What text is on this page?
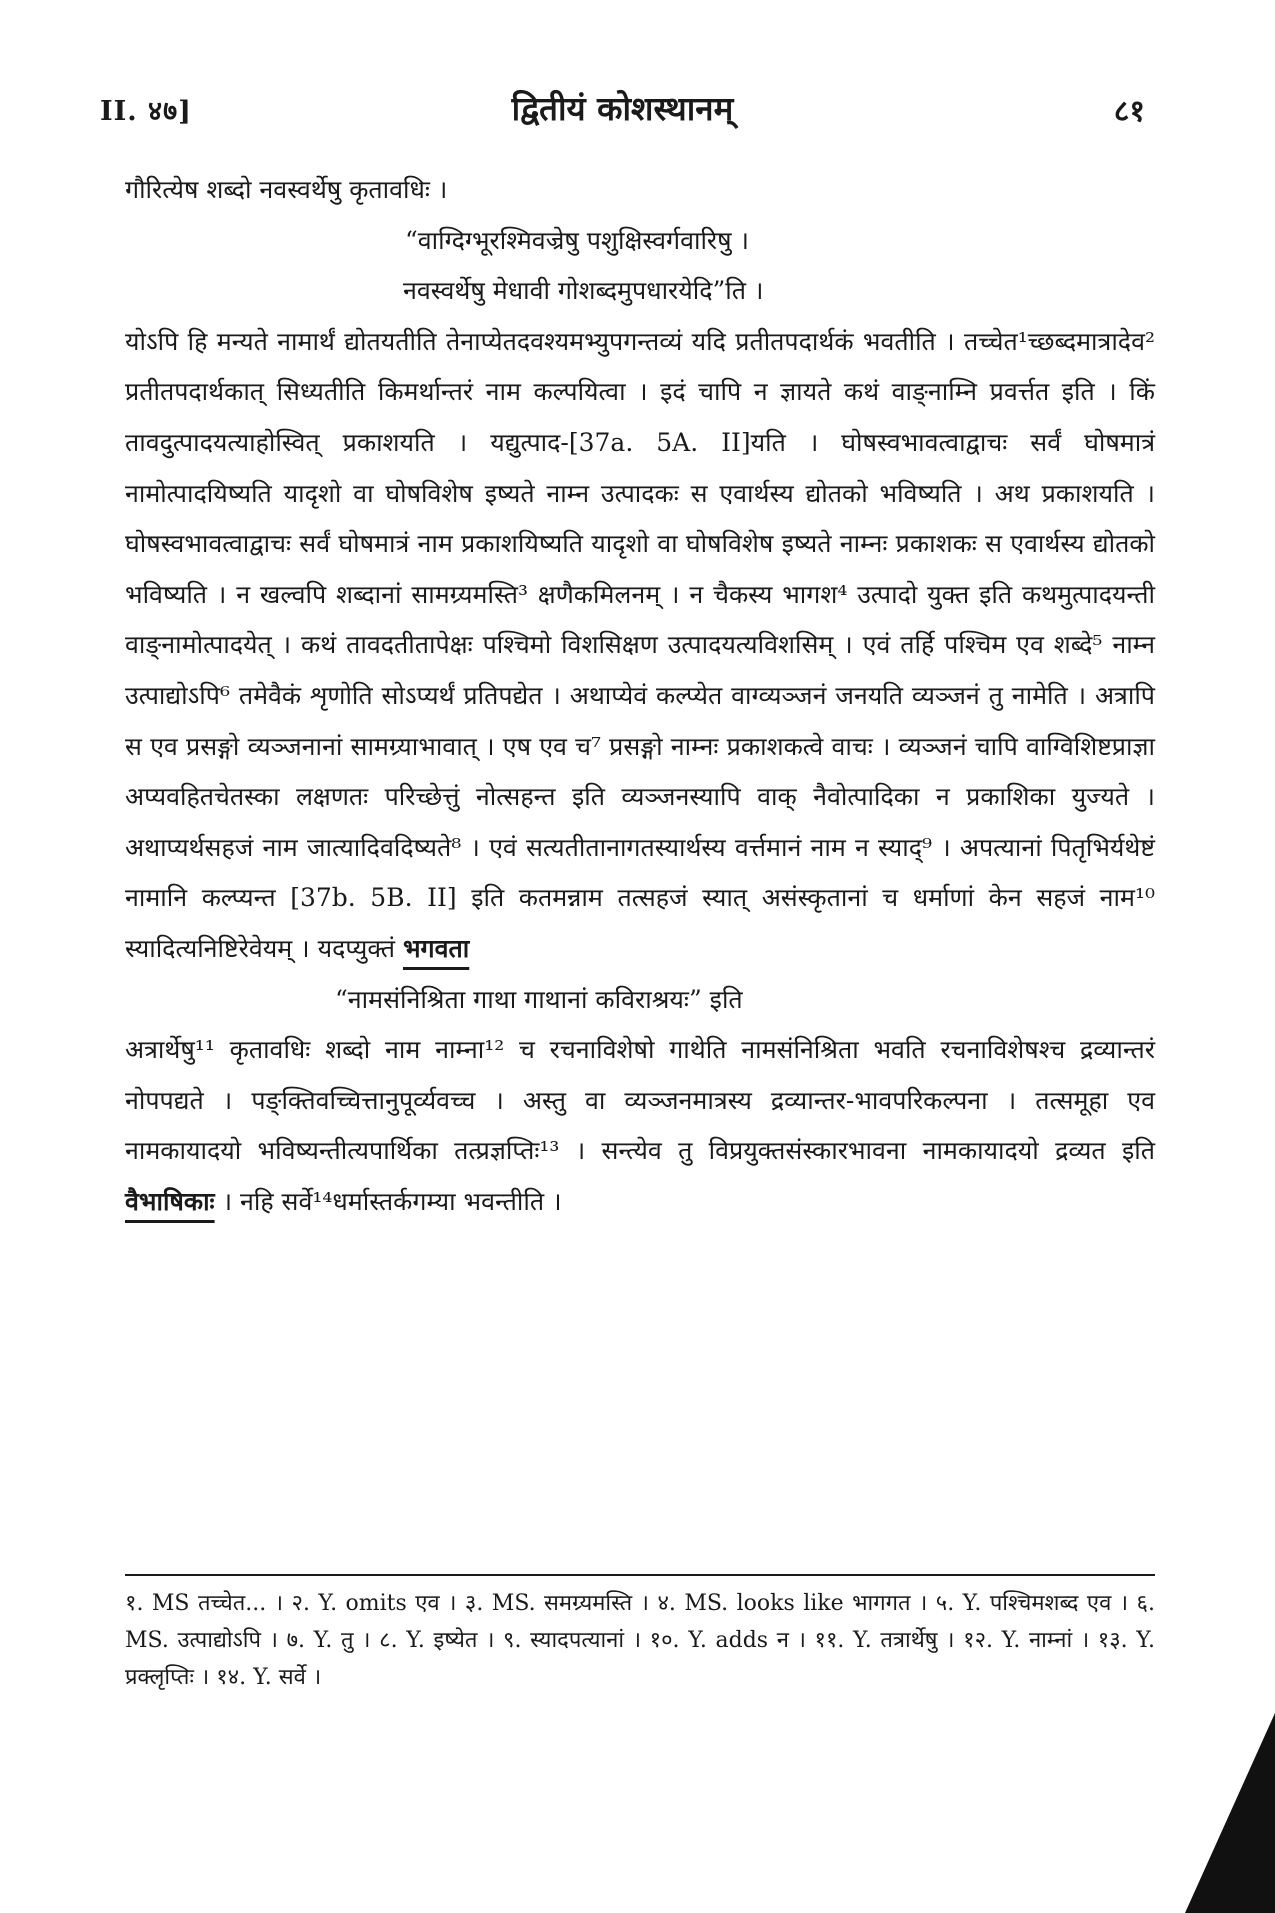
II. ४७]	द्वितीयं कोशस्थानम्	८१

गौरित्येष शब्दो नवस्वर्थेषु कृतावधिः ।

“वाग्दिग्भूरश्मिवज्रेषु पशुक्षिस्वर्गवारिषु ।

नवस्वर्थेषु मेधावी गोशब्दमुपधारयेदि”ति ।

योऽपि हि मन्यते नामार्थं द्योतयतीति तेनाप्येतदवश्यमभ्युपगन्तव्यं यदि प्रतीतपदार्थकं भवतीति । तच्चेत¹च्छब्दमात्रादेव² प्रतीतपदार्थकात् सिध्यतीति किमर्थान्तरं नाम कल्पयित्वा । इदं चापि न ज्ञायते कथं वाङ्नाम्नि प्रवर्त्तत इति । किं तावदुत्पादयत्याहोस्वित् प्रकाशयति । यद्युत्पाद-[37a. 5A. II]यति । घोषस्वभावत्वाद्वाचः सर्वं घोषमात्रं नामोत्पादयिष्यति यादृशो वा घोषविशेष इष्यते नाम्न उत्पादकः स एवार्थस्य द्योतको भविष्यति । अथ प्रकाशयति । घोषस्वभावत्वाद्वाचः सर्वं घोषमात्रं नाम प्रकाशयिष्यति यादृशो वा घोषविशेष इष्यते नाम्नः प्रकाशकः स एवार्थस्य द्योतको भविष्यति । न खल्वपि शब्दानां सामग्र्यमस्ति³ क्षणैकमिलनम् । न चैकस्य भागश⁴ उत्पादो युक्त इति कथमुत्पादयन्ती वाङ्नामोत्पादयेत् । कथं तावदतीतापेक्षः पश्चिमो विशसिक्षण उत्पादयत्यविशसिम् । एवं तर्हि पश्चिम एव शब्दे⁵ नाम्न उत्पाद्योऽपि⁶ तमेवैकं शृणोति सोऽप्यर्थं प्रतिपद्येत । अथाप्येवं कल्प्येत वाग्व्यञ्जनं जनयति व्यञ्जनं तु नामेति । अत्रापि स एव प्रसङ्गो व्यञ्जनानां सामग्र्याभावात् । एष एव च⁷ प्रसङ्गो नाम्नः प्रकाशकत्वे वाचः । व्यञ्जनं चापि वाग्विशिष्टप्राज्ञा अप्यवहितचेतस्का लक्षणतः परिच्छेत्तुं नोत्सहन्त इति व्यञ्जनस्यापि वाक् नैवोत्पादिका न प्रकाशिका युज्यते । अथाप्यर्थसहजं नाम जात्यादिवदिष्यते⁸ । एवं सत्यतीतानागतस्यार्थस्य वर्त्तमानं नाम न स्याद्⁹ । अपत्यानां पितृभिर्यथेष्टं नामानि कल्प्यन्त [37b. 5B. II] इति कतमन्नाम तत्सहजं स्यात् असंस्कृतानां च धर्माणां केन सहजं नाम¹⁰ स्यादित्यनिष्टिरेवेयम् । यदप्युक्तं भगवता

“नामसंनिश्रिता गाथा गाथानां कविराश्रयः” इति

अत्रार्थेषु¹¹ कृतावधिः शब्दो नाम नाम्ना¹² च रचनाविशेषो गाथेति नामसंनिश्रिता भवति रचनाविशेषश्च द्रव्यान्तरं नोपपद्यते । पङ्क्तिवच्चित्तानुपूर्व्यवच्च । अस्तु वा व्यञ्जनमात्रस्य द्रव्यान्तर-भावपरिकल्पना । तत्समूहा एव नामकायादयो भविष्यन्तीत्यपार्थिका तत्प्रज्ञप्तिः¹³ । सन्त्येव तु विप्रयुक्तसंस्कारभावना नामकायादयो द्रव्यत इति वैभाषिकाः । नहि सर्वे¹⁴धर्मास्तर्कगम्या भवन्तीति ।

१. MS तच्चेत... । २. Y. omits एव । ३. MS. समग्र्यमस्ति । ४. MS. looks like भागगत । ५. Y. पश्चिमशब्द एव । ६. MS. उत्पाद्योऽपि । ७. Y. तु । ८. Y. इष्येत । ९. स्यादपत्यानां । १०. Y. adds न । ११. Y. तत्रार्थेषु । १२. Y. नाम्नां । १३. Y. प्रक्लृप्तिः । १४. Y. सर्वे ।
